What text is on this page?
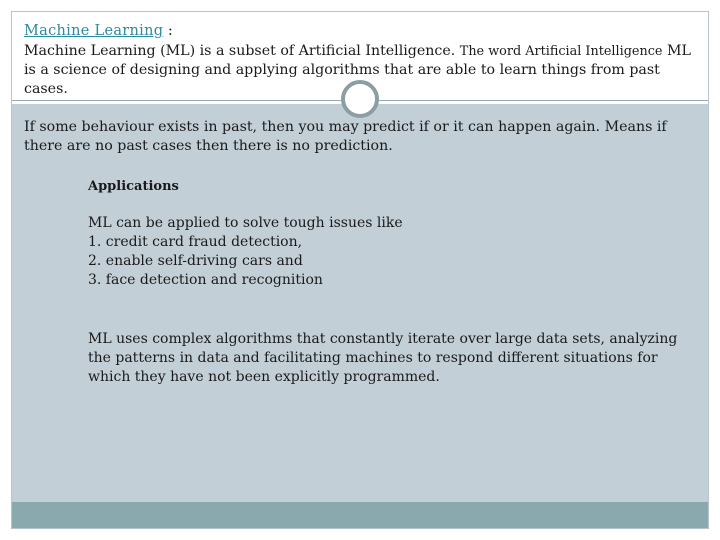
Machine Learning :
Machine Learning (ML) is a subset of Artificial Intelligence. The word Artificial Intelligence ML is a science of designing and applying algorithms that are able to learn things from past cases.
If some behaviour exists in past, then you may predict if or it can happen again. Means if there are no past cases then there is no prediction.
Applications
ML can be applied to solve tough issues like
1. credit card fraud detection,
2. enable self-driving cars and
3. face detection and recognition
ML uses complex algorithms that constantly iterate over large data sets, analyzing the patterns in data and facilitating machines to respond different situations for which they have not been explicitly programmed.
